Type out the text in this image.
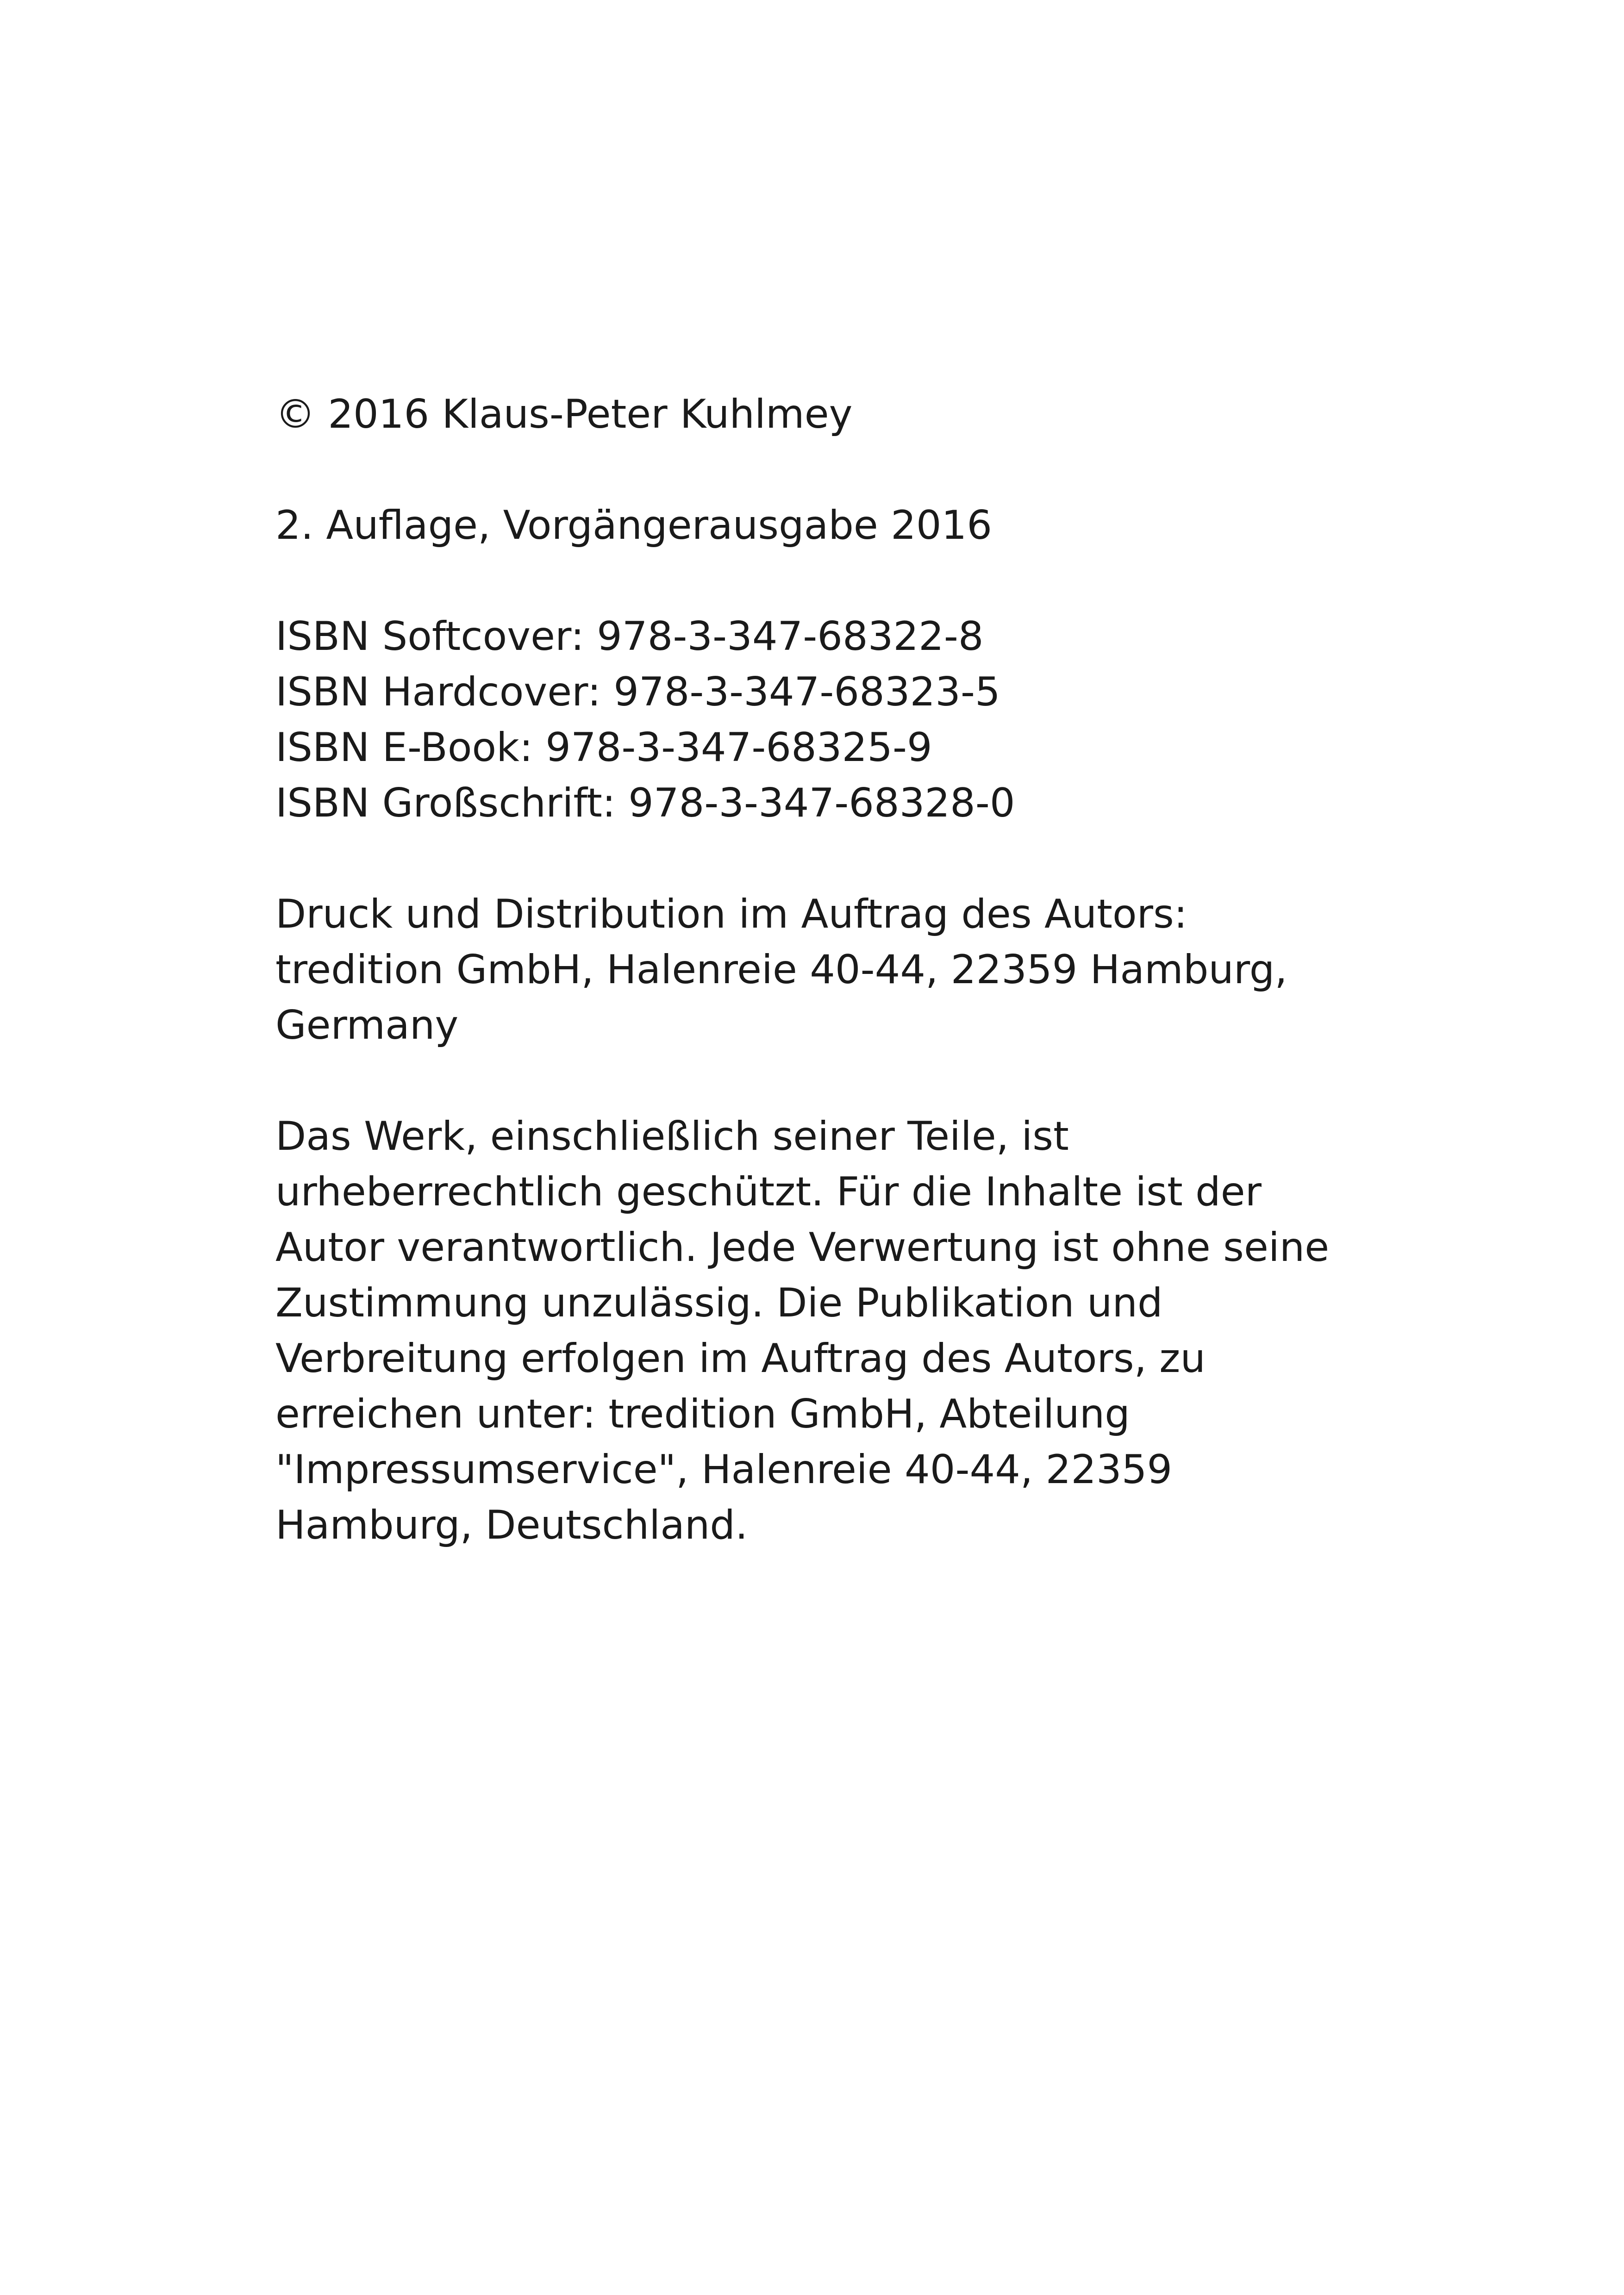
© 2016 Klaus-Peter Kuhlmey
2. Auflage, Vorgängerausgabe 2016
ISBN Softcover: 978-3-347-68322-8
ISBN Hardcover: 978-3-347-68323-5
ISBN E-Book: 978-3-347-68325-9
ISBN Großschrift: 978-3-347-68328-0
Druck und Distribution im Auftrag des Autors:
tredition GmbH, Halenreie 40-44, 22359 Hamburg,
Germany
Das Werk, einschließlich seiner Teile, ist
urheberrechtlich geschützt. Für die Inhalte ist der
Autor verantwortlich. Jede Verwertung ist ohne seine
Zustimmung unzulässig. Die Publikation und
Verbreitung erfolgen im Auftrag des Autors, zu
erreichen unter: tredition GmbH, Abteilung
"Impressumservice", Halenreie 40-44, 22359
Hamburg, Deutschland.
